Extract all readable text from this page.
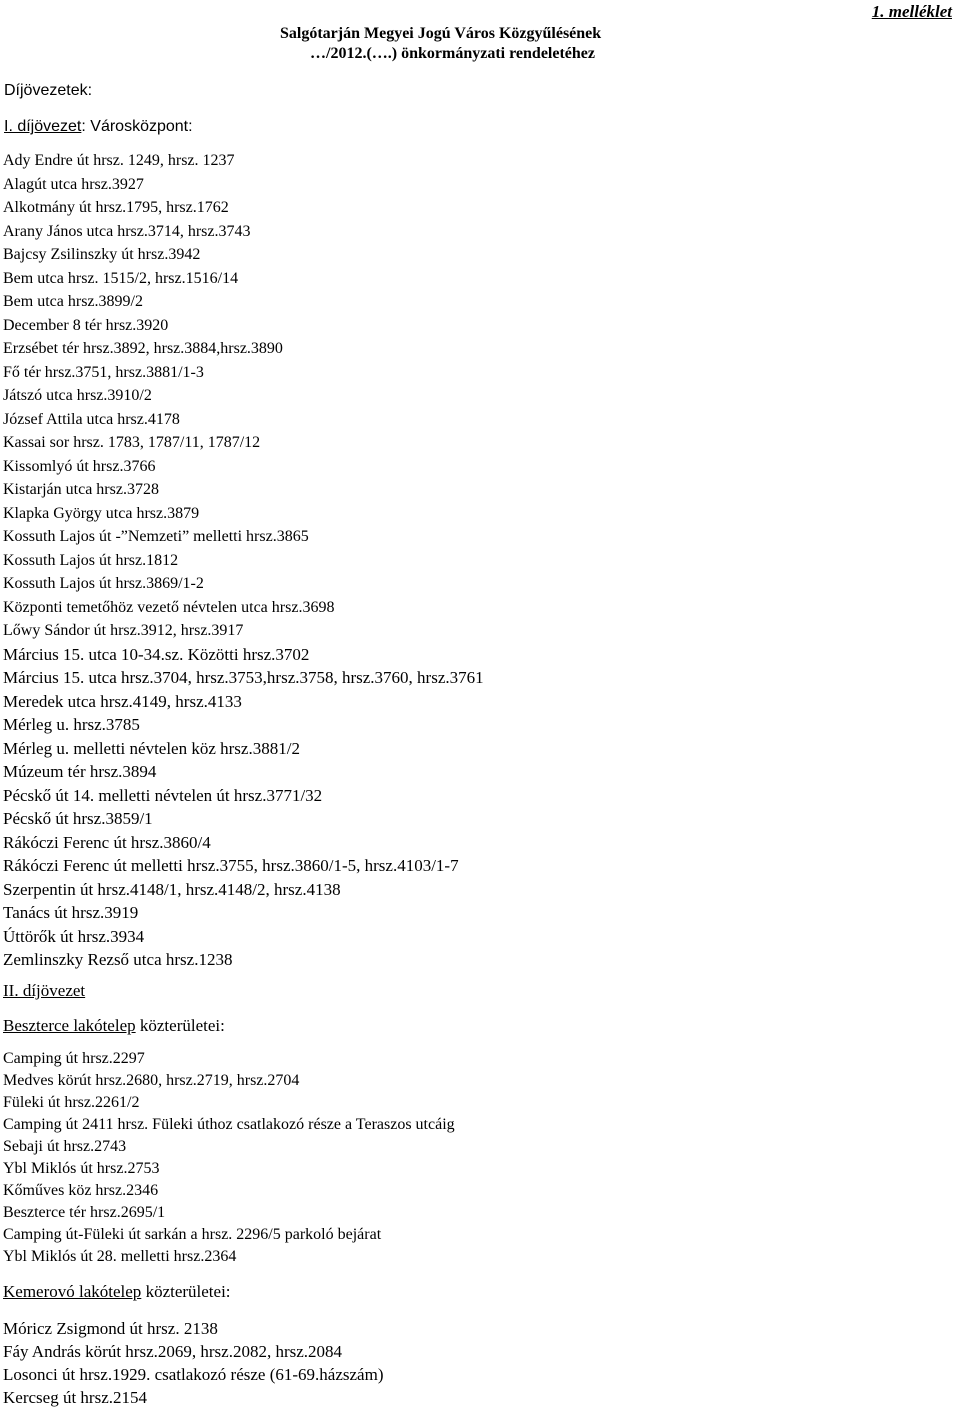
Salgótarján Megyei Jogú Város Közgyűlésének
…/2012.(….) önkormányzati rendeletéhez
1. melléklet
Díjövezetek:
I. díjövezet: Városközpont:
Ady Endre út hrsz. 1249, hrsz. 1237
Alagút utca hrsz.3927
Alkotmány út hrsz.1795, hrsz.1762
Arany János utca hrsz.3714, hrsz.3743
Bajcsy Zsilinszky út hrsz.3942
Bem utca hrsz. 1515/2, hrsz.1516/14
Bem utca hrsz.3899/2
December 8 tér hrsz.3920
Erzsébet tér hrsz.3892, hrsz.3884,hrsz.3890
Fő tér hrsz.3751, hrsz.3881/1-3
Játszó utca hrsz.3910/2
József Attila utca hrsz.4178
Kassai sor hrsz. 1783, 1787/11, 1787/12
Kissomlyó út hrsz.3766
Kistarján utca hrsz.3728
Klapka György utca hrsz.3879
Kossuth Lajos út -”Nemzeti” melletti hrsz.3865
Kossuth Lajos út hrsz.1812
Kossuth Lajos út hrsz.3869/1-2
Központi temetőhöz vezető névtelen utca hrsz.3698
Lőwy Sándor út hrsz.3912, hrsz.3917
Március 15. utca 10-34.sz. Közötti hrsz.3702
Március 15. utca hrsz.3704, hrsz.3753,hrsz.3758, hrsz.3760, hrsz.3761
Meredek utca hrsz.4149, hrsz.4133
Mérleg u. hrsz.3785
Mérleg u. melletti névtelen köz hrsz.3881/2
Múzeum tér hrsz.3894
Pécskő út 14. melletti névtelen út hrsz.3771/32
Pécskő út hrsz.3859/1
Rákóczi Ferenc út hrsz.3860/4
Rákóczi Ferenc út melletti hrsz.3755, hrsz.3860/1-5, hrsz.4103/1-7
Szerpentin út hrsz.4148/1, hrsz.4148/2, hrsz.4138
Tanács út hrsz.3919
Úttörők út hrsz.3934
Zemlinszky Rezső utca hrsz.1238
II. díjövezet
Beszterce lakótelep közterületei:
Camping út hrsz.2297
Medves körút hrsz.2680, hrsz.2719, hrsz.2704
Füleki út hrsz.2261/2
Camping út 2411 hrsz. Füleki úthoz csatlakozó része a Teraszos utcáig
Sebaji út hrsz.2743
Ybl Miklós út hrsz.2753
Kőműves köz hrsz.2346
Beszterce tér hrsz.2695/1
Camping út-Füleki út sarkán a hrsz. 2296/5 parkoló bejárat
Ybl Miklós út 28. melletti hrsz.2364
Kemerovó lakótelep közterületei:
Móricz Zsigmond út hrsz. 2138
Fáy András körút hrsz.2069, hrsz.2082, hrsz.2084
Losonci út hrsz.1929. csatlakozó része (61-69.házszám)
Kercseg út hrsz.2154
